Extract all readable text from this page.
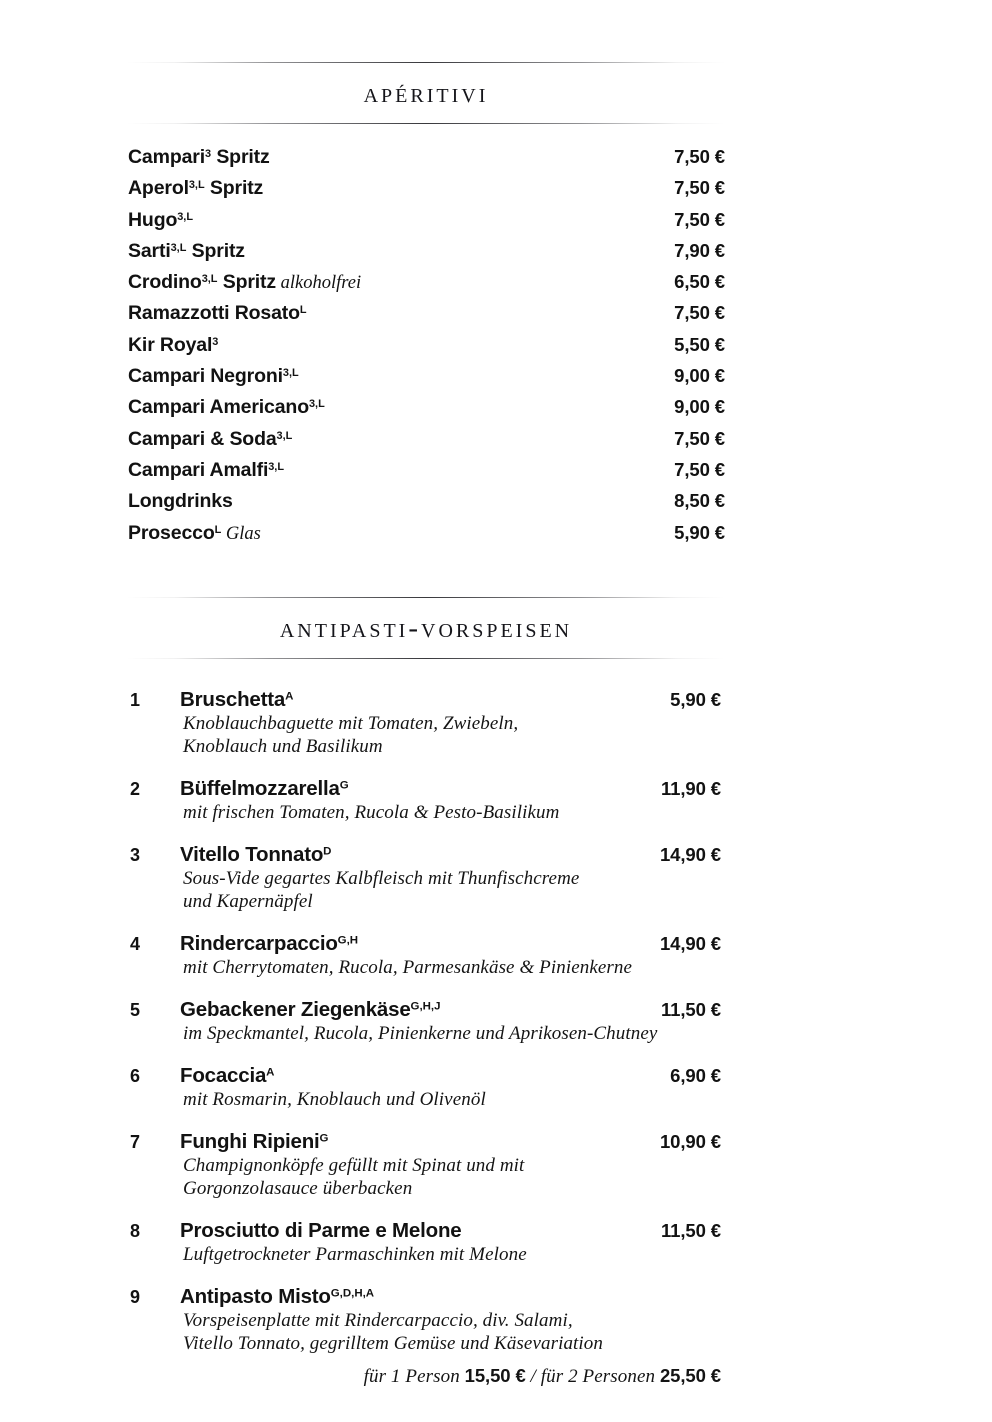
apéritivi
Campari$^3$ Spritz	7,50 €
Aperol$^{3,L}$ Spritz	7,50 €
Hugo$^{3,L}$	7,50 €
Sarti$^{3,L}$ Spritz	7,90 €
Crodino$^{3,L}$ Spritz alkoholfrei	6,50 €
Ramazzotti Rosato$^L$	7,50 €
Kir Royal$^3$	5,50 €
Campari Negroni$^{3,L}$	9,00 €
Campari Americano$^{3,L}$	9,00 €
Campari & Soda$^{3,L}$	7,50 €
Campari Amalfi$^{3,L}$	7,50 €
Longdrinks	8,50 €
Prosecco$^L$ Glas	5,90 €
antipasti-vorspeisen
1	Bruschetta$^A$	5,90 €
Knoblauchbaguette mit Tomaten, Zwiebeln,
Knoblauch und Basilikum
2	Büffelmozzarella$^G$	11,90 €
mit frischen Tomaten, Rucola & Pesto-Basilikum
3	Vitello Tonnato$^D$	14,90 €
Sous-Vide gegartes Kalbfleisch mit Thunfischcreme
und Kapernäpfel
4	Rindercarpaccio$^{G,H}$	14,90 €
mit Cherrytomaten, Rucola, Parmesankäse & Pinienkerne
5	Gebackener Ziegenkäse$^{G,H,J}$	11,50 €
im Speckmantel, Rucola, Pinienkerne und Aprikosen-Chutney
6	Focaccia$^A$	6,90 €
mit Rosmarin, Knoblauch und Olivenöl
7	Funghi Ripieni$^G$	10,90 €
Champignonköpfe gefüllt mit Spinat und mit
Gorgonzolasauce überbacken
8	Prosciutto di Parme e Melone	11,50 €
Luftgetrockneter Parmaschinken mit Melone
9	Antipasto Misto$^{G,D,H,A}$
Vorspeisenplatte mit Rindercarpaccio, div. Salami,
Vitello Tonnato, gegrilltem Gemüse und Käsevariation
für 1 Person 15,50 € / für 2 Personen 25,50 €
